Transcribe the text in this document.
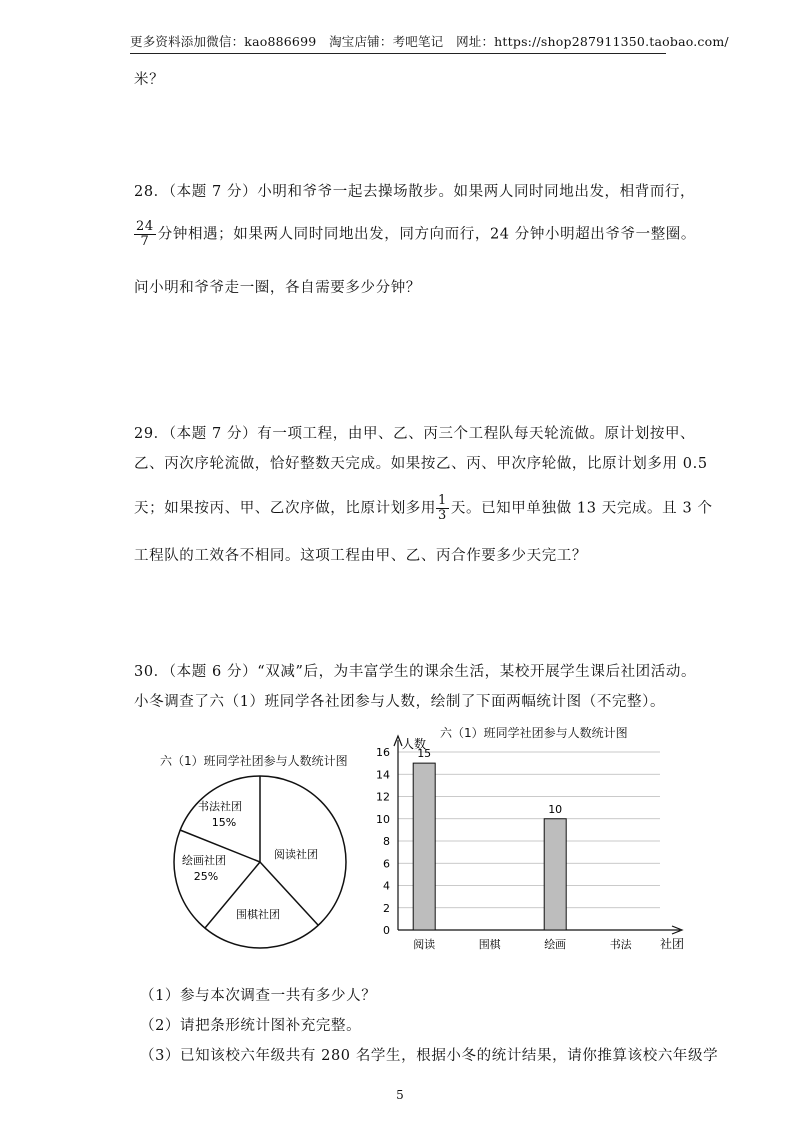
更多资料添加微信：kao886699　淘宝店铺：考吧笔记　网址：https://shop287911350.taobao.com/
米？
28．（本题 7 分）小明和爷爷一起去操场散步。如果两人同时同地出发，相背而行，
$\frac{24}{7}$ 分钟相遇；如果两人同时同地出发，同方向而行，24 分钟小明超出爷爷一整圈。
问小明和爷爷走一圈，各自需要多少分钟？
29．（本题 7 分）有一项工程，由甲、乙、丙三个工程队每天轮流做。原计划按甲、
乙、丙次序轮流做，恰好整数天完成。如果按乙、丙、甲次序轮做，比原计划多用 0.5
天；如果按丙、甲、乙次序做，比原计划多用 $\frac{1}{3}$ 天。已知甲单独做 13 天完成。且 3 个
工程队的工效各不相同。这项工程由甲、乙、丙合作要多少天完工？
30．（本题 6 分）“双减”后，为丰富学生的课余生活，某校开展学生课后社团活动。
小冬调查了六（1）班同学各社团参与人数，绘制了下面两幅统计图（不完整）。
六（1）班同学社团参与人数统计图
书法社团
15%
阅读社团
围棋社团
绘画社团
25%
六（1）班同学社团参与人数统计图
人数
社团
0
2
4
6
8
10
12
14
16
阅读	围棋	绘画	书法
15
10
（1）参与本次调查一共有多少人？
（2）请把条形统计图补充完整。
（3）已知该校六年级共有 280 名学生，根据小冬的统计结果，请你推算该校六年级学
5
